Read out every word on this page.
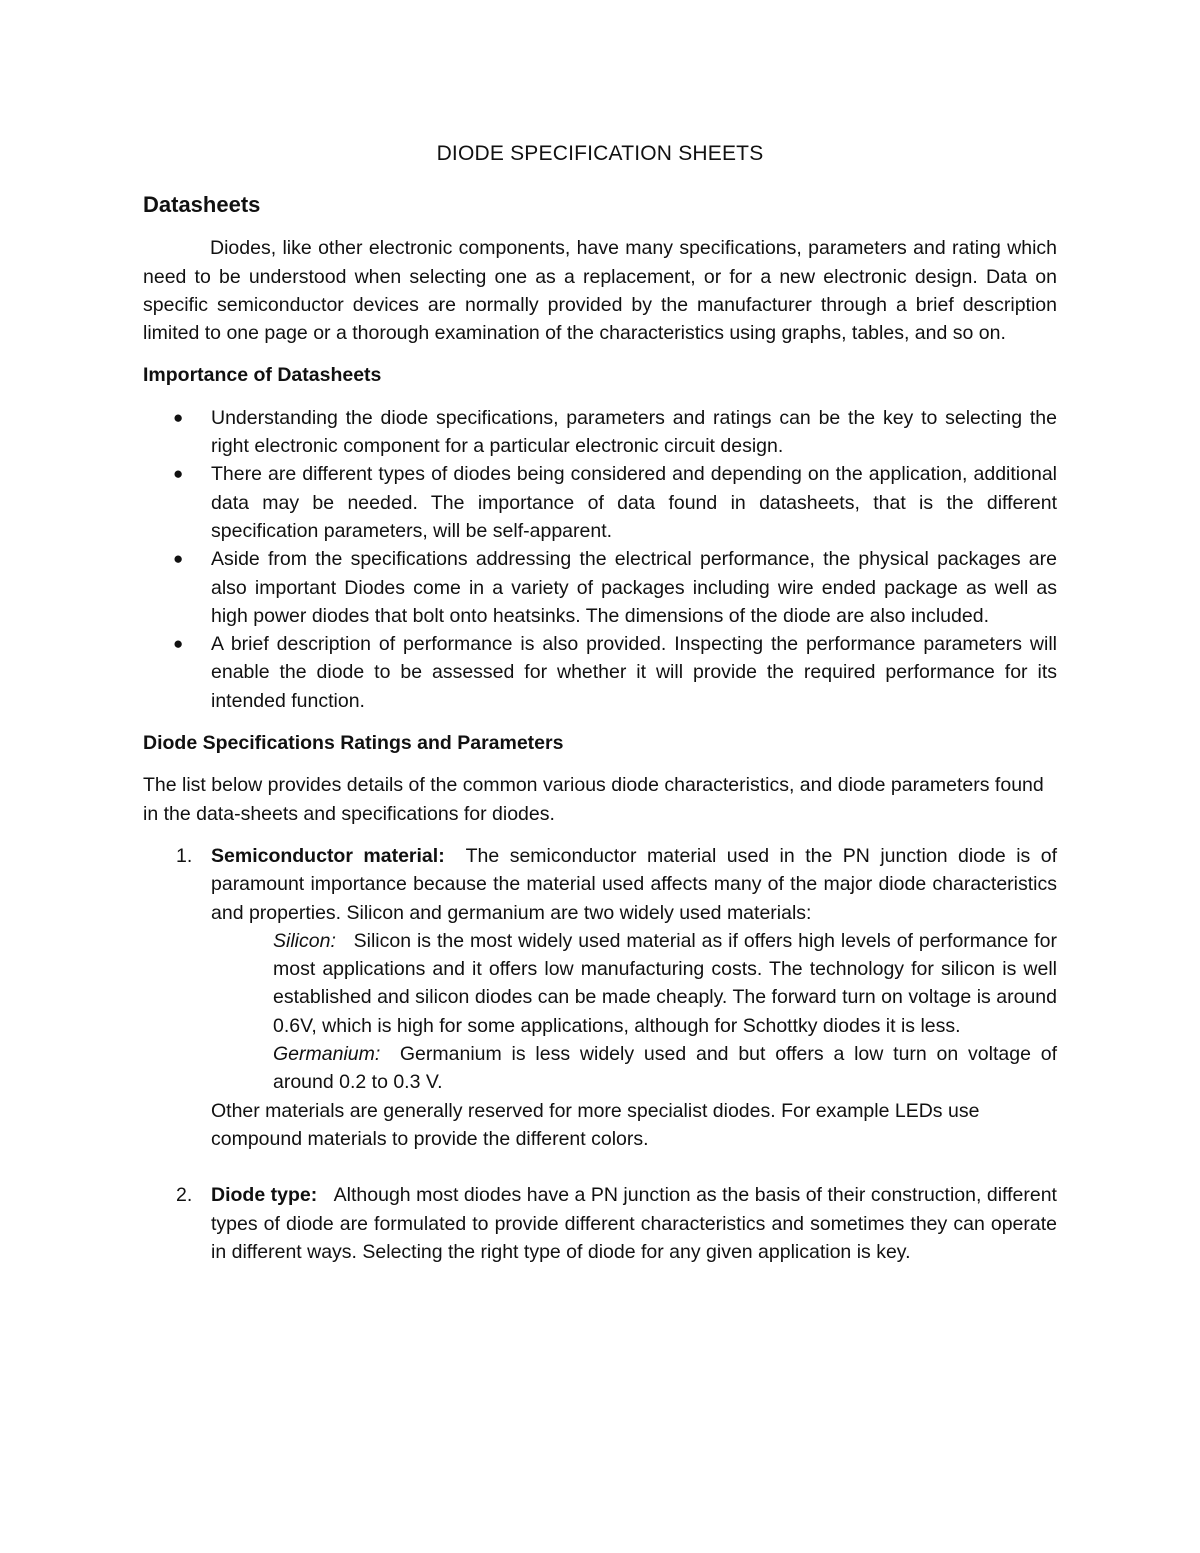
DIODE SPECIFICATION SHEETS
Datasheets

Diodes, like other electronic components, have many specifications, parameters and rating which need to be understood when selecting one as a replacement, or for a new electronic design. Data on specific semiconductor devices are normally provided by the manufacturer through a brief description limited to one page or a thorough examination of the characteristics using graphs, tables, and so on.

Importance of Datasheets
● Understanding the diode specifications, parameters and ratings can be the key to selecting the right electronic component for a particular electronic circuit design.
● There are different types of diodes being considered and depending on the application, additional data may be needed. The importance of data found in datasheets, that is the different specification parameters, will be self-apparent.
● Aside from the specifications addressing the electrical performance, the physical packages are also important Diodes come in a variety of packages including wire ended package as well as high power diodes that bolt onto heatsinks. The dimensions of the diode are also included.
● A brief description of performance is also provided. Inspecting the performance parameters will enable the diode to be assessed for whether it will provide the required performance for its intended function.
Diode Specifications Ratings and Parameters

The list below provides details of the common various diode characteristics, and diode parameters found in the data-sheets and specifications for diodes.

1. Semiconductor material: The semiconductor material used in the PN junction diode is of paramount importance because the material used affects many of the major diode characteristics and properties. Silicon and germanium are two widely used materials:

Silicon: Silicon is the most widely used material as if offers high levels of performance for most applications and it offers low manufacturing costs. The technology for silicon is well established and silicon diodes can be made cheaply. The forward turn on voltage is around 0.6V, which is high for some applications, although for Schottky diodes it is less.

Germanium: Germanium is less widely used and but offers a low turn on voltage of around 0.2 to 0.3 V.

Other materials are generally reserved for more specialist diodes. For example LEDs use compound materials to provide the different colors.

2. Diode type: Although most diodes have a PN junction as the basis of their construction, different types of diode are formulated to provide different characteristics and sometimes they can operate in different ways. Selecting the right type of diode for any given application is key.
